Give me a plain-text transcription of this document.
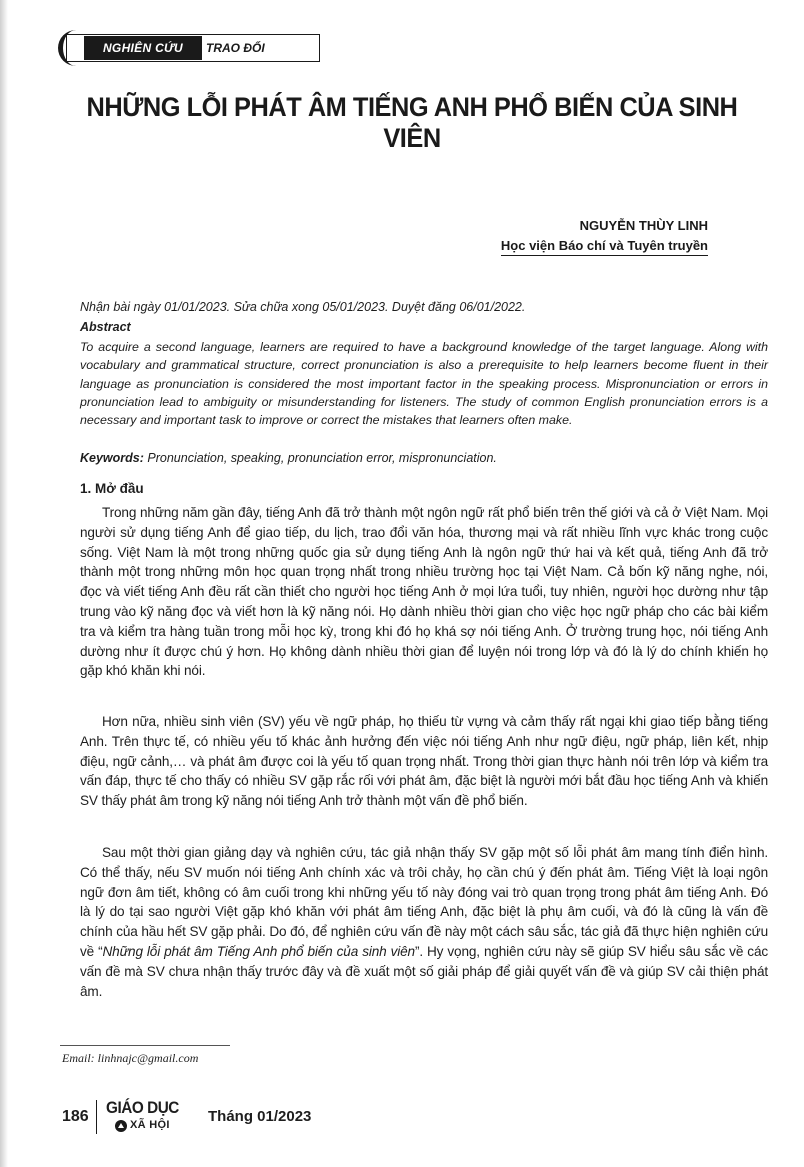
NGHIÊN CỨU	TRAO ĐỔI
NHỮNG LỖI PHÁT ÂM TIẾNG ANH PHỔ BIẾN CỦA SINH VIÊN
NGUYỄN THÙY LINH
Học viện Báo chí và Tuyên truyền
Nhận bài ngày 01/01/2023. Sửa chữa xong 05/01/2023. Duyệt đăng 06/01/2022.
Abstract

To acquire a second language, learners are required to have a background knowledge of the target language. Along with vocabulary and grammatical structure, correct pronunciation is also a prerequisite to help learners become fluent in their language as pronunciation is considered the most important factor in the speaking process. Mispronunciation or errors in pronunciation lead to ambiguity or misunderstanding for listeners. The study of common English pronunciation errors is a necessary and important task to improve or correct the mistakes that learners often make.

Keywords: Pronunciation, speaking, pronunciation error, mispronunciation.
1. Mở đầu

Trong những năm gần đây, tiếng Anh đã trở thành một ngôn ngữ rất phổ biến trên thế giới và cả ở Việt Nam. Mọi người sử dụng tiếng Anh để giao tiếp, du lịch, trao đổi văn hóa, thương mại và rất nhiều lĩnh vực khác trong cuộc sống. Việt Nam là một trong những quốc gia sử dụng tiếng Anh là ngôn ngữ thứ hai và kết quả, tiếng Anh đã trở thành một trong những môn học quan trọng nhất trong nhiều trường học tại Việt Nam. Cả bốn kỹ năng nghe, nói, đọc và viết tiếng Anh đều rất cần thiết cho người học tiếng Anh ở mọi lứa tuổi, tuy nhiên, người học dường như tập trung vào kỹ năng đọc và viết hơn là kỹ năng nói. Họ dành nhiều thời gian cho việc học ngữ pháp cho các bài kiểm tra và kiểm tra hàng tuần trong mỗi học kỳ, trong khi đó họ khá sợ nói tiếng Anh. Ở trường trung học, nói tiếng Anh dường như ít được chú ý hơn. Họ không dành nhiều thời gian để luyện nói trong lớp và đó là lý do chính khiến họ gặp khó khăn khi nói.

Hơn nữa, nhiều sinh viên (SV) yếu về ngữ pháp, họ thiếu từ vựng và cảm thấy rất ngại khi giao tiếp bằng tiếng Anh. Trên thực tế, có nhiều yếu tố khác ảnh hưởng đến việc nói tiếng Anh như ngữ điệu, ngữ pháp, liên kết, nhịp điệu, ngữ cảnh,… và phát âm được coi là yếu tố quan trọng nhất. Trong thời gian thực hành nói trên lớp và kiểm tra vấn đáp, thực tế cho thấy có nhiều SV gặp rắc rối với phát âm, đặc biệt là người mới bắt đầu học tiếng Anh và khiến SV thấy phát âm trong kỹ năng nói tiếng Anh trở thành một vấn đề phổ biến.

Sau một thời gian giảng dạy và nghiên cứu, tác giả nhận thấy SV gặp một số lỗi phát âm mang tính điển hình. Có thể thấy, nếu SV muốn nói tiếng Anh chính xác và trôi chảy, họ cần chú ý đến phát âm. Tiếng Việt là loại ngôn ngữ đơn âm tiết, không có âm cuối trong khi những yếu tố này đóng vai trò quan trọng trong phát âm tiếng Anh. Đó là lý do tại sao người Việt gặp khó khăn với phát âm tiếng Anh, đặc biệt là phụ âm cuối, và đó là cũng là vấn đề chính của hầu hết SV gặp phải. Do đó, để nghiên cứu vấn đề này một cách sâu sắc, tác giả đã thực hiện nghiên cứu về “Những lỗi phát âm Tiếng Anh phổ biến của sinh viên”. Hy vọng, nghiên cứu này sẽ giúp SV hiểu sâu sắc về các vấn đề mà SV chưa nhận thấy trước đây và đề xuất một số giải pháp để giải quyết vấn đề và giúp SV cải thiện phát âm.

Email: linhnajc@gmail.com
186 GIÁO DỤC
XÃ HỘI	Tháng 01/2023
